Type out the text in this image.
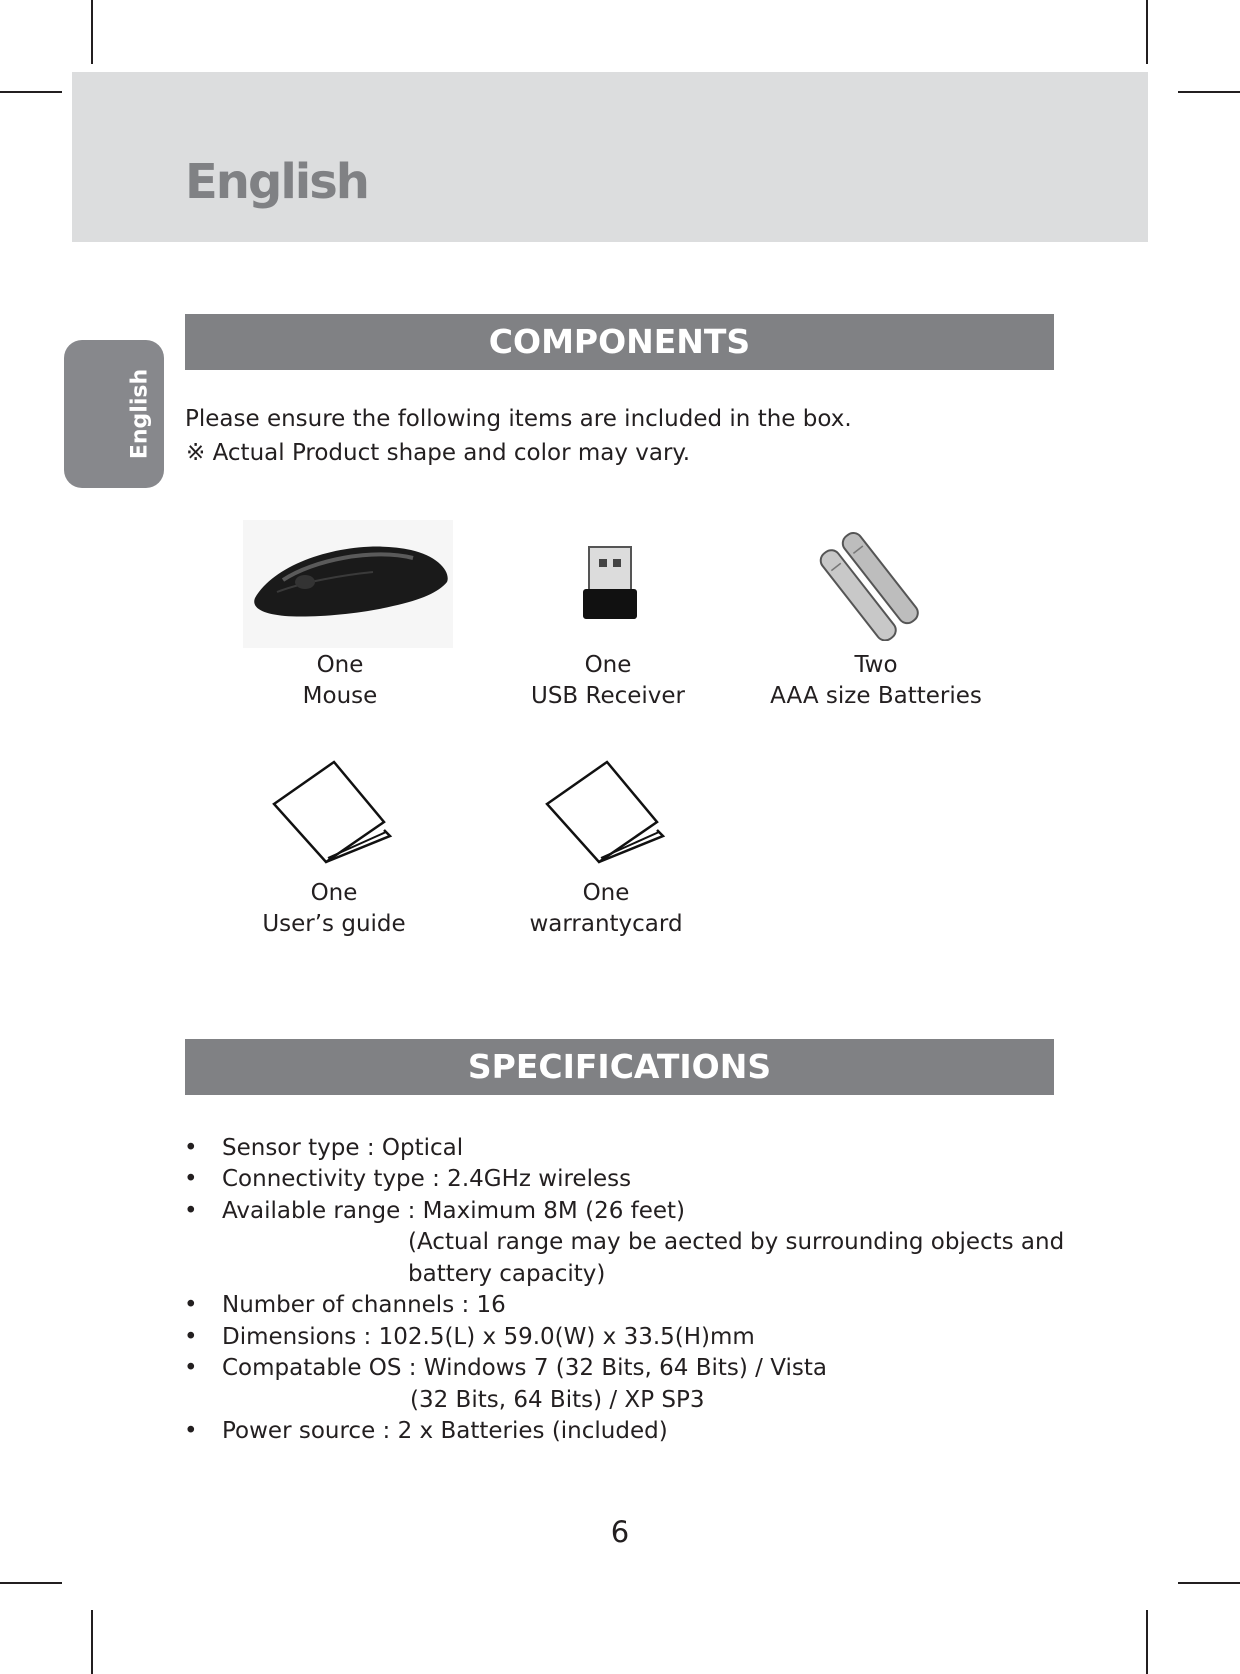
English
English
COMPONENTS
Please ensure the following items are included in the box.
※ Actual Product shape and color may vary.
One
Mouse
One
USB Receiver
Two
AAA size Batteries
One
User’s guide
One
warrantycard
SPECIFICATIONS
• Sensor type : Optical
• Connectivity type : 2.4GHz wireless
• Available range : Maximum 8M (26 feet)
(Actual range may be aected by surrounding objects and
battery capacity)
• Number of channels : 16
• Dimensions : 102.5(L) x 59.0(W) x 33.5(H)mm
• Compatable OS : Windows 7 (32 Bits, 64 Bits) / Vista
(32 Bits, 64 Bits) / XP SP3
• Power source : 2 x Batteries (included)
6
